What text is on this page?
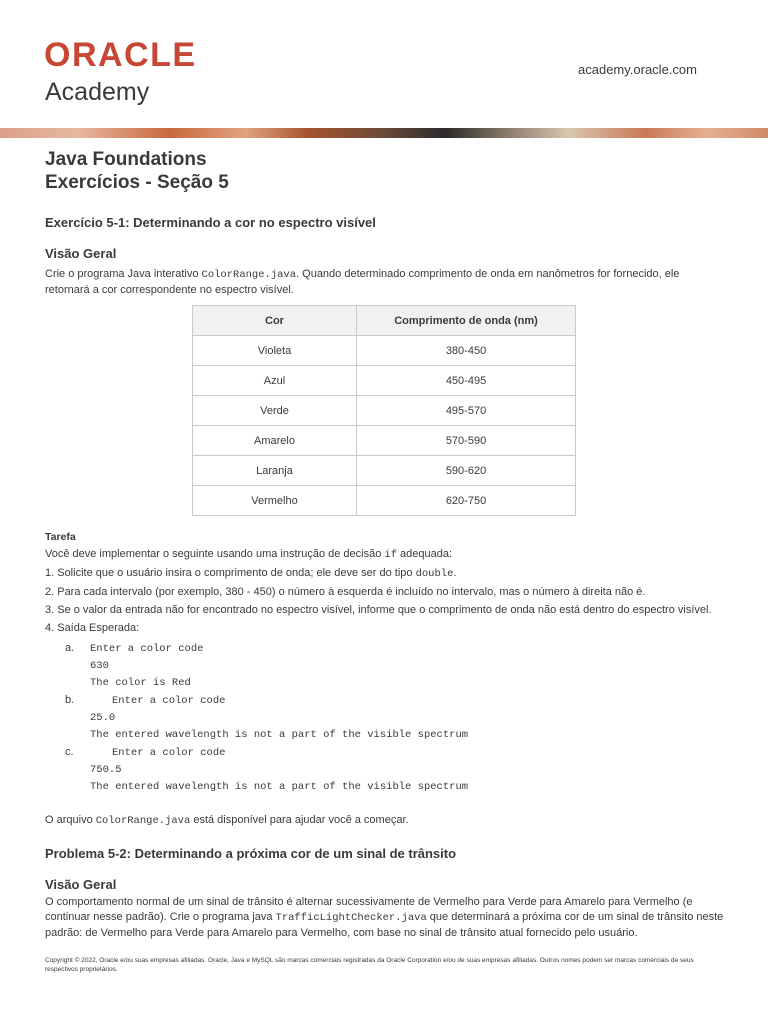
ORACLE
Academy
academy.oracle.com
Java Foundations
Exercícios - Seção 5
Exercício 5-1: Determinando a cor no espectro visível
Visão Geral

Crie o programa Java interativo ColorRange.java. Quando determinado comprimento de onda em nanômetros for fornecido, ele retornará a cor correspondente no espectro visível.

Cor	Comprimento de onda (nm)
Violeta	380-450
Azul	450-495
Verde	495-570
Amarelo	570-590
Laranja	590-620
Vermelho	620-750

Tarefa

Você deve implementar o seguinte usando uma instrução de decisão if adequada:

1. Solicite que o usuário insira o comprimento de onda; ele deve ser do tipo double.

2. Para cada intervalo (por exemplo, 380 - 450) o número à esquerda é incluído no intervalo, mas o número à direita não é.

3. Se o valor da entrada não for encontrado no espectro visível, informe que o comprimento de onda não está dentro do espectro visível.

4. Saída Esperada:

a. Enter a color code
630
The color is Red
b.	Enter a color code
25.0
The entered wavelength is not a part of the visible spectrum
c.	Enter a color code
750.5
The entered wavelength is not a part of the visible spectrum

O arquivo ColorRange.java está disponível para ajudar você a começar.

Problema 5-2: Determinando a próxima cor de um sinal de trânsito
Visão Geral

O comportamento normal de um sinal de trânsito é alternar sucessivamente de Vermelho para Verde para Amarelo para Vermelho (e continuar nesse padrão). Crie o programa java TrafficLightChecker.java que determinará a próxima cor de um sinal de trânsito neste padrão: de Vermelho para Verde para Amarelo para Vermelho, com base no sinal de trânsito atual fornecido pelo usuário.

Copyright © 2022, Oracle e/ou suas empresas afiliadas. Oracle, Java e MySQL são marcas comerciais registradas da Oracle Corporation e/ou de suas empresas afiliadas. Outros nomes podem ser marcas comerciais de seus respectivos proprietários.
